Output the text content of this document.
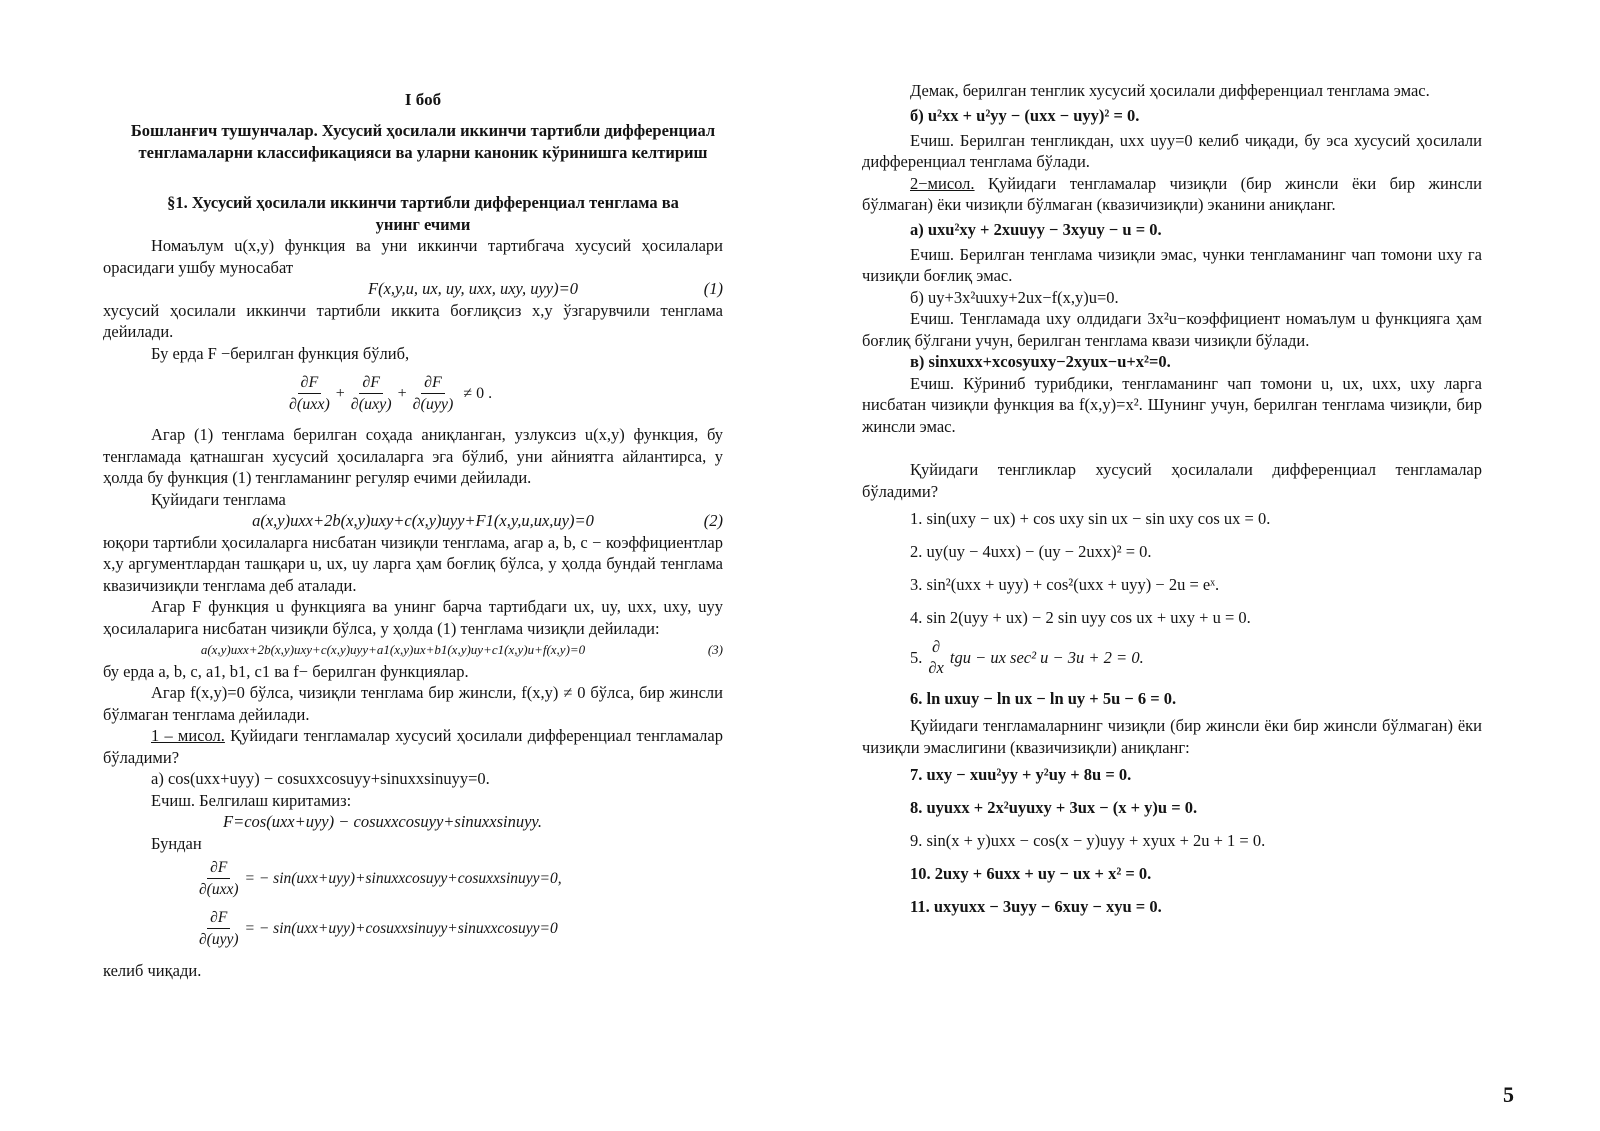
I боб

Бошланғич тушунчалар. Хусусий ҳосилали иккинчи тартибли дифференциал тенгламаларни классификацияси ва уларни каноник кўринишга келтириш

§1. Хусусий ҳосилали иккинчи тартибли дифференциал тенглама ва унинг ечими

Номаълум u(x,y) функция ва уни иккинчи тартибгача хусусий ҳосилалари орасидаги ушбу муносабат

F(x,y,u, ux, uy, uxx, uxy, uyy)=0	(1)

хусусий ҳосилали иккинчи тартибли иккита боғлиқсиз x,y ўзгарувчили тенглама дейилади.

Бу ерда F −берилган функция бўлиб,

$\frac{\partial F}{\text{∂(uxx)}} + \frac{\partial F}{\text{∂(uxy)}} + \frac{\partial F}{\text{∂(uyy)}} \ne 0$ .

Агар (1) тенглама берилган соҳада аниқланган, узлуксиз u(x,y) функция, бу тенгламада қатнашган хусусий ҳосилаларга эга бўлиб, уни айниятга айлантирса, у ҳолда бу функция (1) тенгламанинг регуляр ечими дейилади.

Қуйидаги тенглама

a(x,y)uxx+2b(x,y)uxy+c(x,y)uyy+F1(x,y,u,ux,uy)=0	(2)

юқори тартибли ҳосилаларга нисбатан чизиқли тенглама, агар a, b, c − коэффициентлар x,y аргументлардан ташқари u, ux, uy ларга ҳам боғлиқ бўлса, у ҳолда бундай тенглама квазичизиқли тенглама деб аталади.

Агар F функция u функцияга ва унинг барча тартибдаги ux, uy, uxx, uxy, uyy ҳосилаларига нисбатан чизиқли бўлса, у ҳолда (1) тенглама чизиқли дейилади:

a(x,y)uxx+2b(x,y)uxy+c(x,y)uyy+a1(x,y)ux+b1(x,y)uy+c1(x,y)u+f(x,y)=0	(3)

бу ерда a, b, c, a1, b1, c1 ва f− берилган функциялар.

Агар f(x,y)=0 бўлса, чизиқли тенглама бир жинсли, f(x,y) ≠ 0 бўлса, бир жинсли бўлмаган тенглама дейилади.

1 – мисол. Қуйидаги тенгламалар хусусий ҳосилали дифференциал тенгламалар бўладими?

а) cos(uxx+uyy) − cosuxxcosuyy+sinuxxsinuyy=0.

Ечиш. Белгилаш киритамиз:

F=cos(uxx+uyy) − cosuxxcosuyy+sinuxxsinuyy.

Бундан

$\frac{\partial F}{\text{∂(uxx)}}$ = − sin(uxx+uyy)+sinuxxcosuyy+cosuxxsinuyy=0,
$\frac{\partial F}{\text{∂(uyy)}}$ = − sin(uxx+uyy)+cosuxxsinuyy+sinuxxcosuyy=0

келиб чиқади.

Демак, берилган тенглик хусусий ҳосилали дифференциал тенглама эмас.

б) u²xx + u²yy − (uxx − uyy)² = 0.

Ечиш. Берилган тенгликдан, uxx uyy=0 келиб чиқади, бу эса хусусий ҳосилали дифференциал тенглама бўлади.

2−мисол. Қуйидаги тенгламалар чизиқли (бир жинсли ёки бир жинсли бўлмаган) ёки чизиқли бўлмаган (квазичизиқли) эканини аниқланг.

а) uxu²xy + 2xuuyy − 3xyuy − u = 0.

Ечиш. Берилган тенглама чизиқли эмас, чунки тенгламанинг чап томони uxy га чизиқли боғлиқ эмас.

б) uy+3x²uuxy+2ux−f(x,y)u=0.

Ечиш. Тенгламада uxy олдидаги 3x²u−коэффициент номаълум u функцияга ҳам боғлиқ бўлгани учун, берилган тенглама квази чизиқли бўлади.

в) sinxuxx+xcosyuxy−2xyux−u+x²=0.

Ечиш. Кўриниб турибдики, тенгламанинг чап томони u, ux, uxx, uxy ларга нисбатан чизиқли функция ва f(x,y)=x². Шунинг учун, берилган тенглама чизиқли, бир жинсли эмас.

Қуйидаги тенгликлар хусусий ҳосилалали дифференциал тенгламалар бўладими?

1. sin(uxy − ux) + cos uxy sin ux − sin uxy cos ux = 0.

2. uy(uy − 4uxx) − (uy − 2uxx)² = 0.

3. sin²(uxx + uyy) + cos²(uxx + uyy) − 2u = eˣ.

4. sin 2(uyy + ux) − 2 sin uyy cos ux + uxy + u = 0.

5.
∂
∂x
tgu − ux sec² u − 3u + 2 = 0.

6. ln uxuy − ln ux − ln uy + 5u − 6 = 0.

Қуйидаги тенгламаларнинг чизиқли (бир жинсли ёки бир жинсли бўлмаган) ёки чизиқли эмаслигини (квазичизиқли) аниқланг:

7. uxy − xuu²yy + y²uy + 8u = 0.

8. uyuxx + 2x²uyuxy + 3ux − (x + y)u = 0.

9. sin(x + y)uxx − cos(x − y)uyy + xyux + 2u + 1 = 0.

10. 2uxy + 6uxx + uy − ux + x² = 0.

11. uxyuxx − 3uyy − 6xuy − xyu = 0.

5
